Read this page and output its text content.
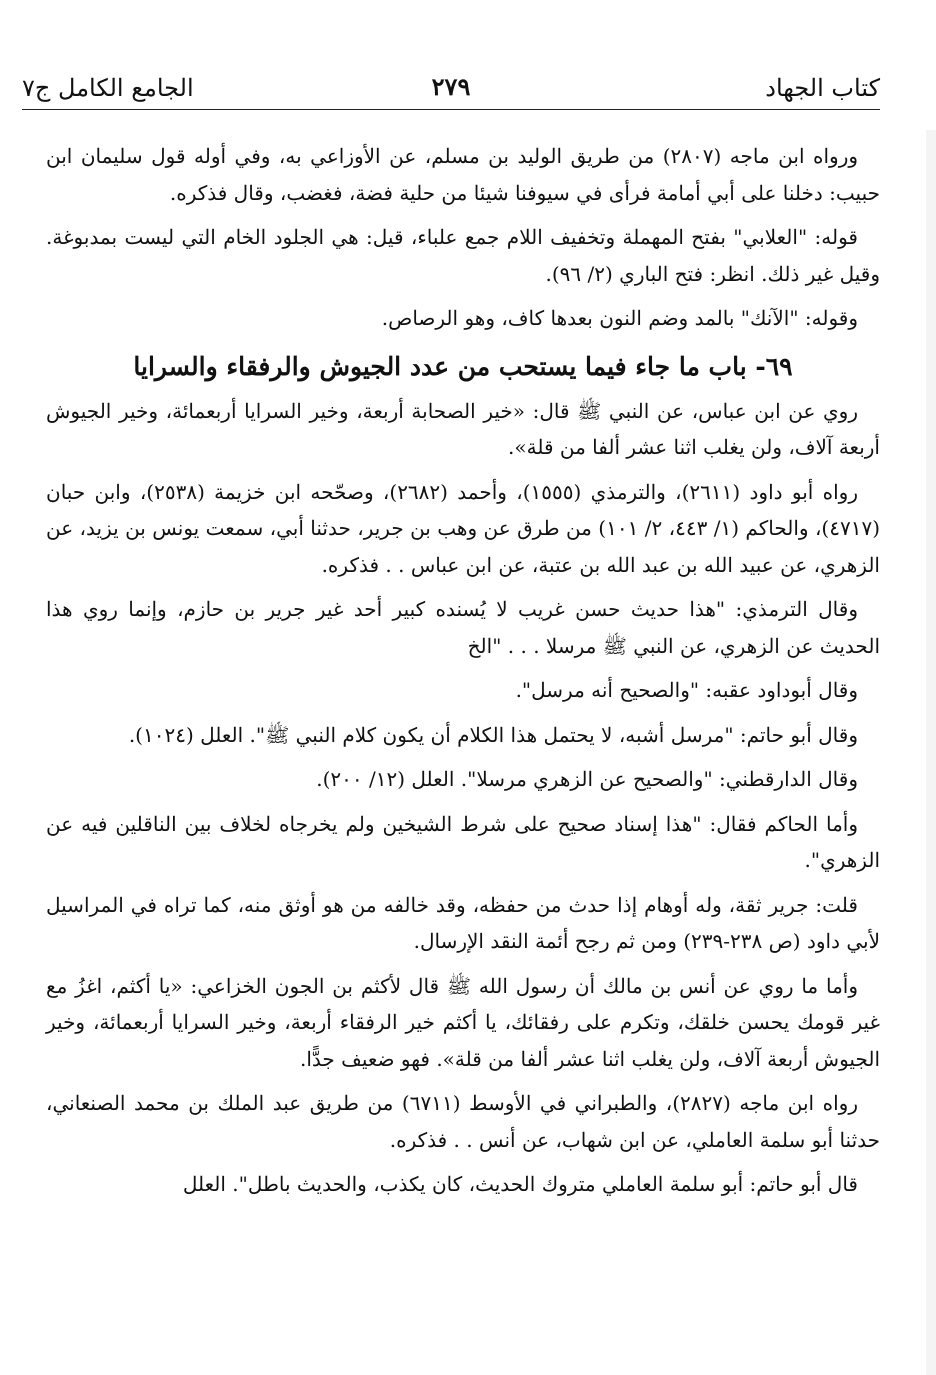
كتاب الجهاد
٢٧٩
الجامع الكامل ج٧

ورواه ابن ماجه (٢٨٠٧) من طريق الوليد بن مسلم، عن الأوزاعي به، وفي أوله قول سليمان ابن حبيب: دخلنا على أبي أمامة فرأى في سيوفنا شيئا من حلية فضة، فغضب، وقال فذكره.

قوله: "العلابي" بفتح المهملة وتخفيف اللام جمع علباء، قيل: هي الجلود الخام التي ليست بمدبوغة. وقيل غير ذلك. انظر: فتح الباري (٢/ ٩٦).

وقوله: "الآنك" بالمد وضم النون بعدها كاف، وهو الرصاص.

٦٩- باب ما جاء فيما يستحب من عدد الجيوش والرفقاء والسرايا

روي عن ابن عباس، عن النبي ﷺ قال: «خير الصحابة أربعة، وخير السرايا أربعمائة، وخير الجيوش أربعة آلاف، ولن يغلب اثنا عشر ألفا من قلة».

رواه أبو داود (٢٦١١)، والترمذي (١٥٥٥)، وأحمد (٢٦٨٢)، وصحّحه ابن خزيمة (٢٥٣٨)، وابن حبان (٤٧١٧)، والحاكم (١/ ٤٤٣، ٢/ ١٠١) من طرق عن وهب بن جرير، حدثنا أبي، سمعت يونس بن يزيد، عن الزهري، عن عبيد الله بن عبد الله بن عتبة، عن ابن عباس . . فذكره.

وقال الترمذي: "هذا حديث حسن غريب لا يُسنده كبير أحد غير جرير بن حازم، وإنما روي هذا الحديث عن الزهري، عن النبي ﷺ مرسلا . . . "الخ

وقال أبوداود عقبه: "والصحيح أنه مرسل".

وقال أبو حاتم: "مرسل أشبه، لا يحتمل هذا الكلام أن يكون كلام النبي ﷺ". العلل (١٠٢٤).

وقال الدارقطني: "والصحيح عن الزهري مرسلا". العلل (١٢/ ٢٠٠).

وأما الحاكم فقال: "هذا إسناد صحيح على شرط الشيخين ولم يخرجاه لخلاف بين الناقلين فيه عن الزهري".

قلت: جرير ثقة، وله أوهام إذا حدث من حفظه، وقد خالفه من هو أوثق منه، كما تراه في المراسيل لأبي داود (ص ٢٣٨-٢٣٩) ومن ثم رجح أئمة النقد الإرسال.

وأما ما روي عن أنس بن مالك أن رسول الله ﷺ قال لأكثم بن الجون الخزاعي: «يا أكثم، اغزُ مع غير قومك يحسن خلقك، وتكرم على رفقائك، يا أكثم خير الرفقاء أربعة، وخير السرايا أربعمائة، وخير الجيوش أربعة آلاف، ولن يغلب اثنا عشر ألفا من قلة». فهو ضعيف جدًّا.

رواه ابن ماجه (٢٨٢٧)، والطبراني في الأوسط (٦٧١١) من طريق عبد الملك بن محمد الصنعاني، حدثنا أبو سلمة العاملي، عن ابن شهاب، عن أنس . . فذكره.

قال أبو حاتم: أبو سلمة العاملي متروك الحديث، كان يكذب، والحديث باطل". العلل
